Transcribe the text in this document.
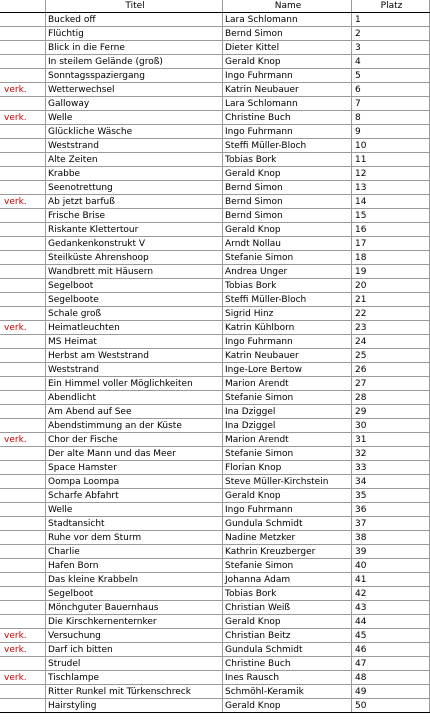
	Titel	Name	Platz
	Bucked off	Lara Schlomann	1
	Flüchtig	Bernd Simon	2
	Blick in die Ferne	Dieter Kittel	3
	In steilem Gelände (groß)	Gerald Knop	4
	Sonntagsspaziergang	Ingo Fuhrmann	5
verk.	Wetterwechsel	Katrin Neubauer	6
	Galloway	Lara Schlomann	7
verk.	Welle	Christine Buch	8
	Glückliche Wäsche	Ingo Fuhrmann	9
	Weststrand	Steffi Müller-Bloch	10
	Alte Zeiten	Tobias Bork	11
	Krabbe	Gerald Knop	12
	Seenotrettung	Bernd Simon	13
verk.	Ab jetzt barfuß	Bernd Simon	14
	Frische Brise	Bernd Simon	15
	Riskante Klettertour	Gerald Knop	16
	Gedankenkonstrukt V	Arndt Nollau	17
	Steilküste Ahrenshoop	Stefanie Simon	18
	Wandbrett mit Häusern	Andrea Unger	19
	Segelboot	Tobias Bork	20
	Segelboote	Steffi Müller-Bloch	21
	Schale groß	Sigrid Hinz	22
verk.	Heimatleuchten	Katrin Kühlborn	23
	MS Heimat	Ingo Fuhrmann	24
	Herbst am Weststrand	Katrin Neubauer	25
	Weststrand	Inge-Lore Bertow	26
	Ein Himmel voller Möglichkeiten	Marion Arendt	27
	Abendlicht	Stefanie Simon	28
	Am Abend auf See	Ina Dziggel	29
	Abendstimmung an der Küste	Ina Dziggel	30
verk.	Chor der Fische	Marion Arendt	31
	Der alte Mann und das Meer	Stefanie Simon	32
	Space Hamster	Florian Knop	33
	Oompa Loompa	Steve Müller-Kirchstein	34
	Scharfe Abfahrt	Gerald Knop	35
	Welle	Ingo Fuhrmann	36
	Stadtansicht	Gundula Schmidt	37
	Ruhe vor dem Sturm	Nadine Metzker	38
	Charlie	Kathrin Kreuzberger	39
	Hafen Born	Stefanie Simon	40
	Das kleine Krabbeln	Johanna Adam	41
	Segelboot	Tobias Bork	42
	Mönchguter Bauernhaus	Christian Weiß	43
	Die Kirschkernenternker	Gerald Knop	44
verk.	Versuchung	Christian Beitz	45
verk.	Darf ich bitten	Gundula Schmidt	46
	Strudel	Christine Buch	47
verk.	Tischlampe	Ines Rausch	48
	Ritter Runkel mit Türkenschreck	Schmöhl-Keramik	49
	Hairstyling	Gerald Knop	50
